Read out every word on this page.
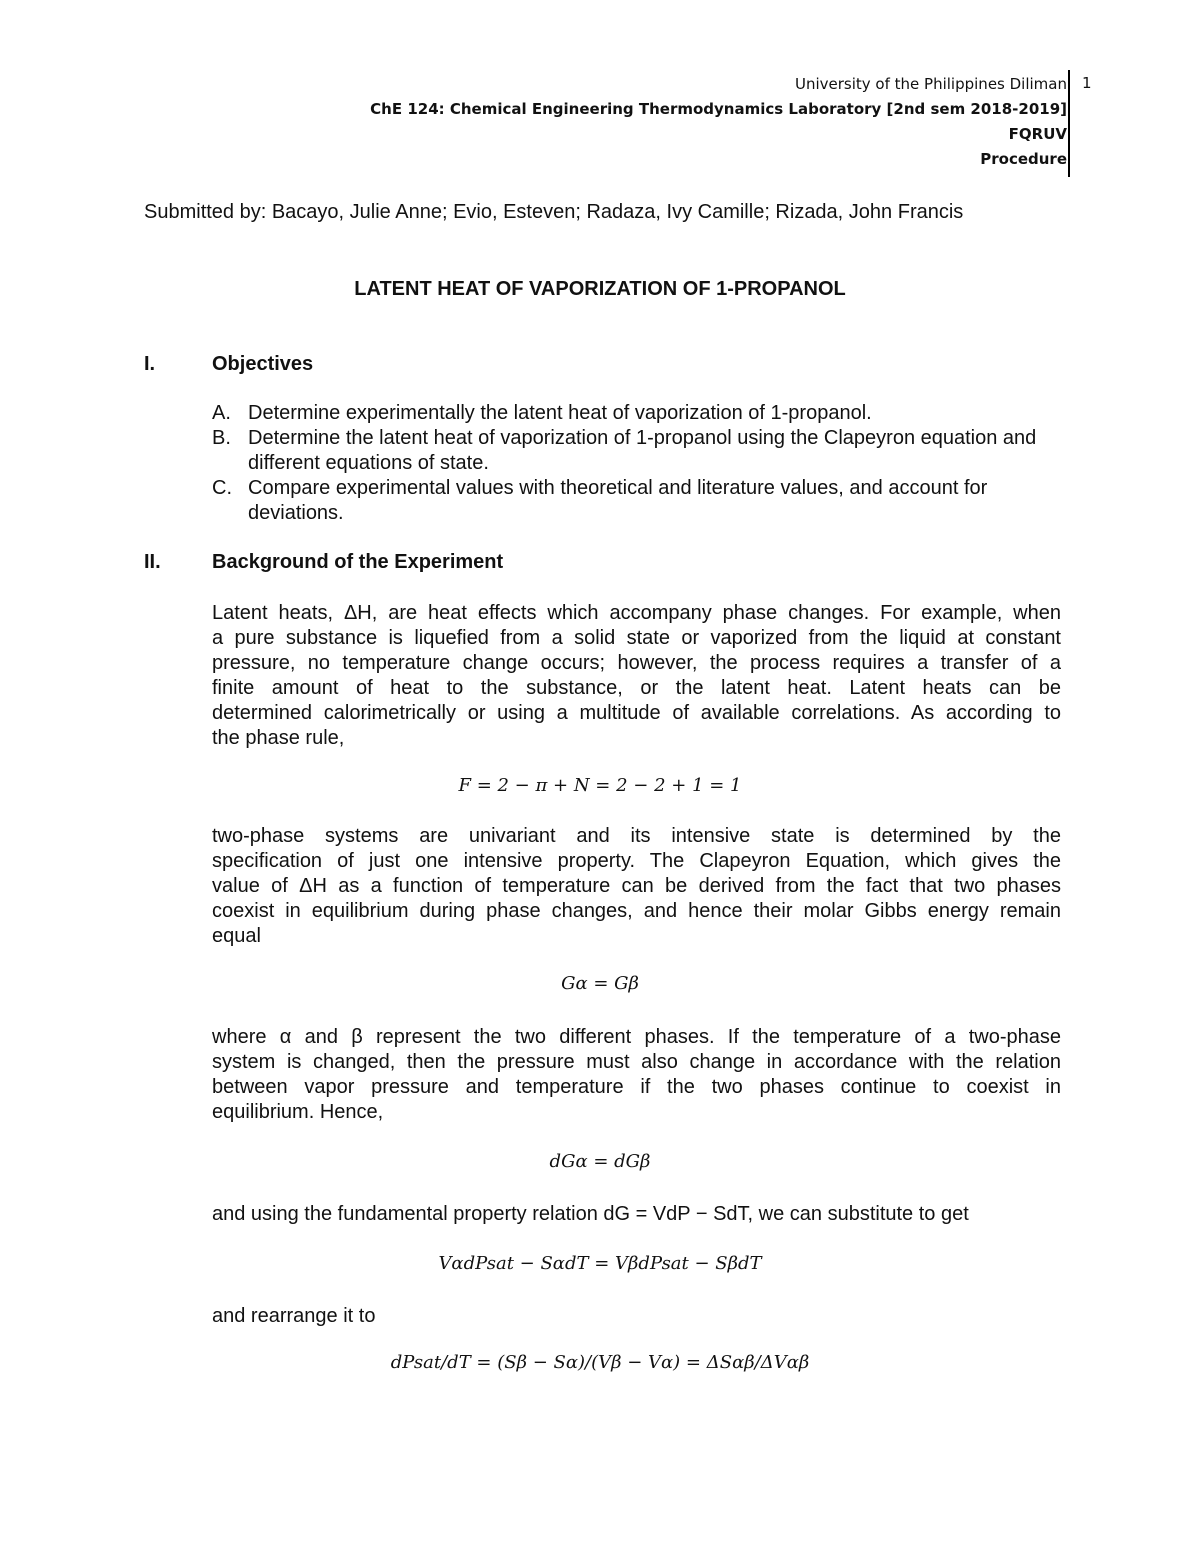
University of the Philippines Diliman
ChE 124: Chemical Engineering Thermodynamics Laboratory [2nd sem 2018-2019]
FQRUV
Procedure
1
Submitted by: Bacayo, Julie Anne; Evio, Esteven; Radaza, Ivy Camille; Rizada, John Francis
LATENT HEAT OF VAPORIZATION OF 1-PROPANOL
I.	Objectives
A. Determine experimentally the latent heat of vaporization of 1-propanol.
B. Determine the latent heat of vaporization of 1-propanol using the Clapeyron equation and different equations of state.
C. Compare experimental values with theoretical and literature values, and account for deviations.
II.	Background of the Experiment
Latent heats, ΔH, are heat effects which accompany phase changes. For example, when
a pure substance is liquefied from a solid state or vaporized from the liquid at constant
pressure, no temperature change occurs; however, the process requires a transfer of a
finite amount of heat to the substance, or the latent heat. Latent heats can be
determined calorimetrically or using a multitude of available correlations. As according to
the phase rule,
F = 2 − π + N = 2 − 2 + 1 = 1
two-phase systems are univariant and its intensive state is determined by the
specification of just one intensive property. The Clapeyron Equation, which gives the
value of ΔH as a function of temperature can be derived from the fact that two phases
coexist in equilibrium during phase changes, and hence their molar Gibbs energy remain
equal
Gα = Gβ
where α and β represent the two different phases. If the temperature of a two-phase
system is changed, then the pressure must also change in accordance with the relation
between vapor pressure and temperature if the two phases continue to coexist in
equilibrium. Hence,
dGα = dGβ
and using the fundamental property relation dG = VdP − SdT, we can substitute to get
VαdPsat − SαdT = VβdPsat − SβdT
and rearrange it to
dPsat/dT = (Sβ − Sα)/(Vβ − Vα) = ΔSαβ/ΔVαβ
